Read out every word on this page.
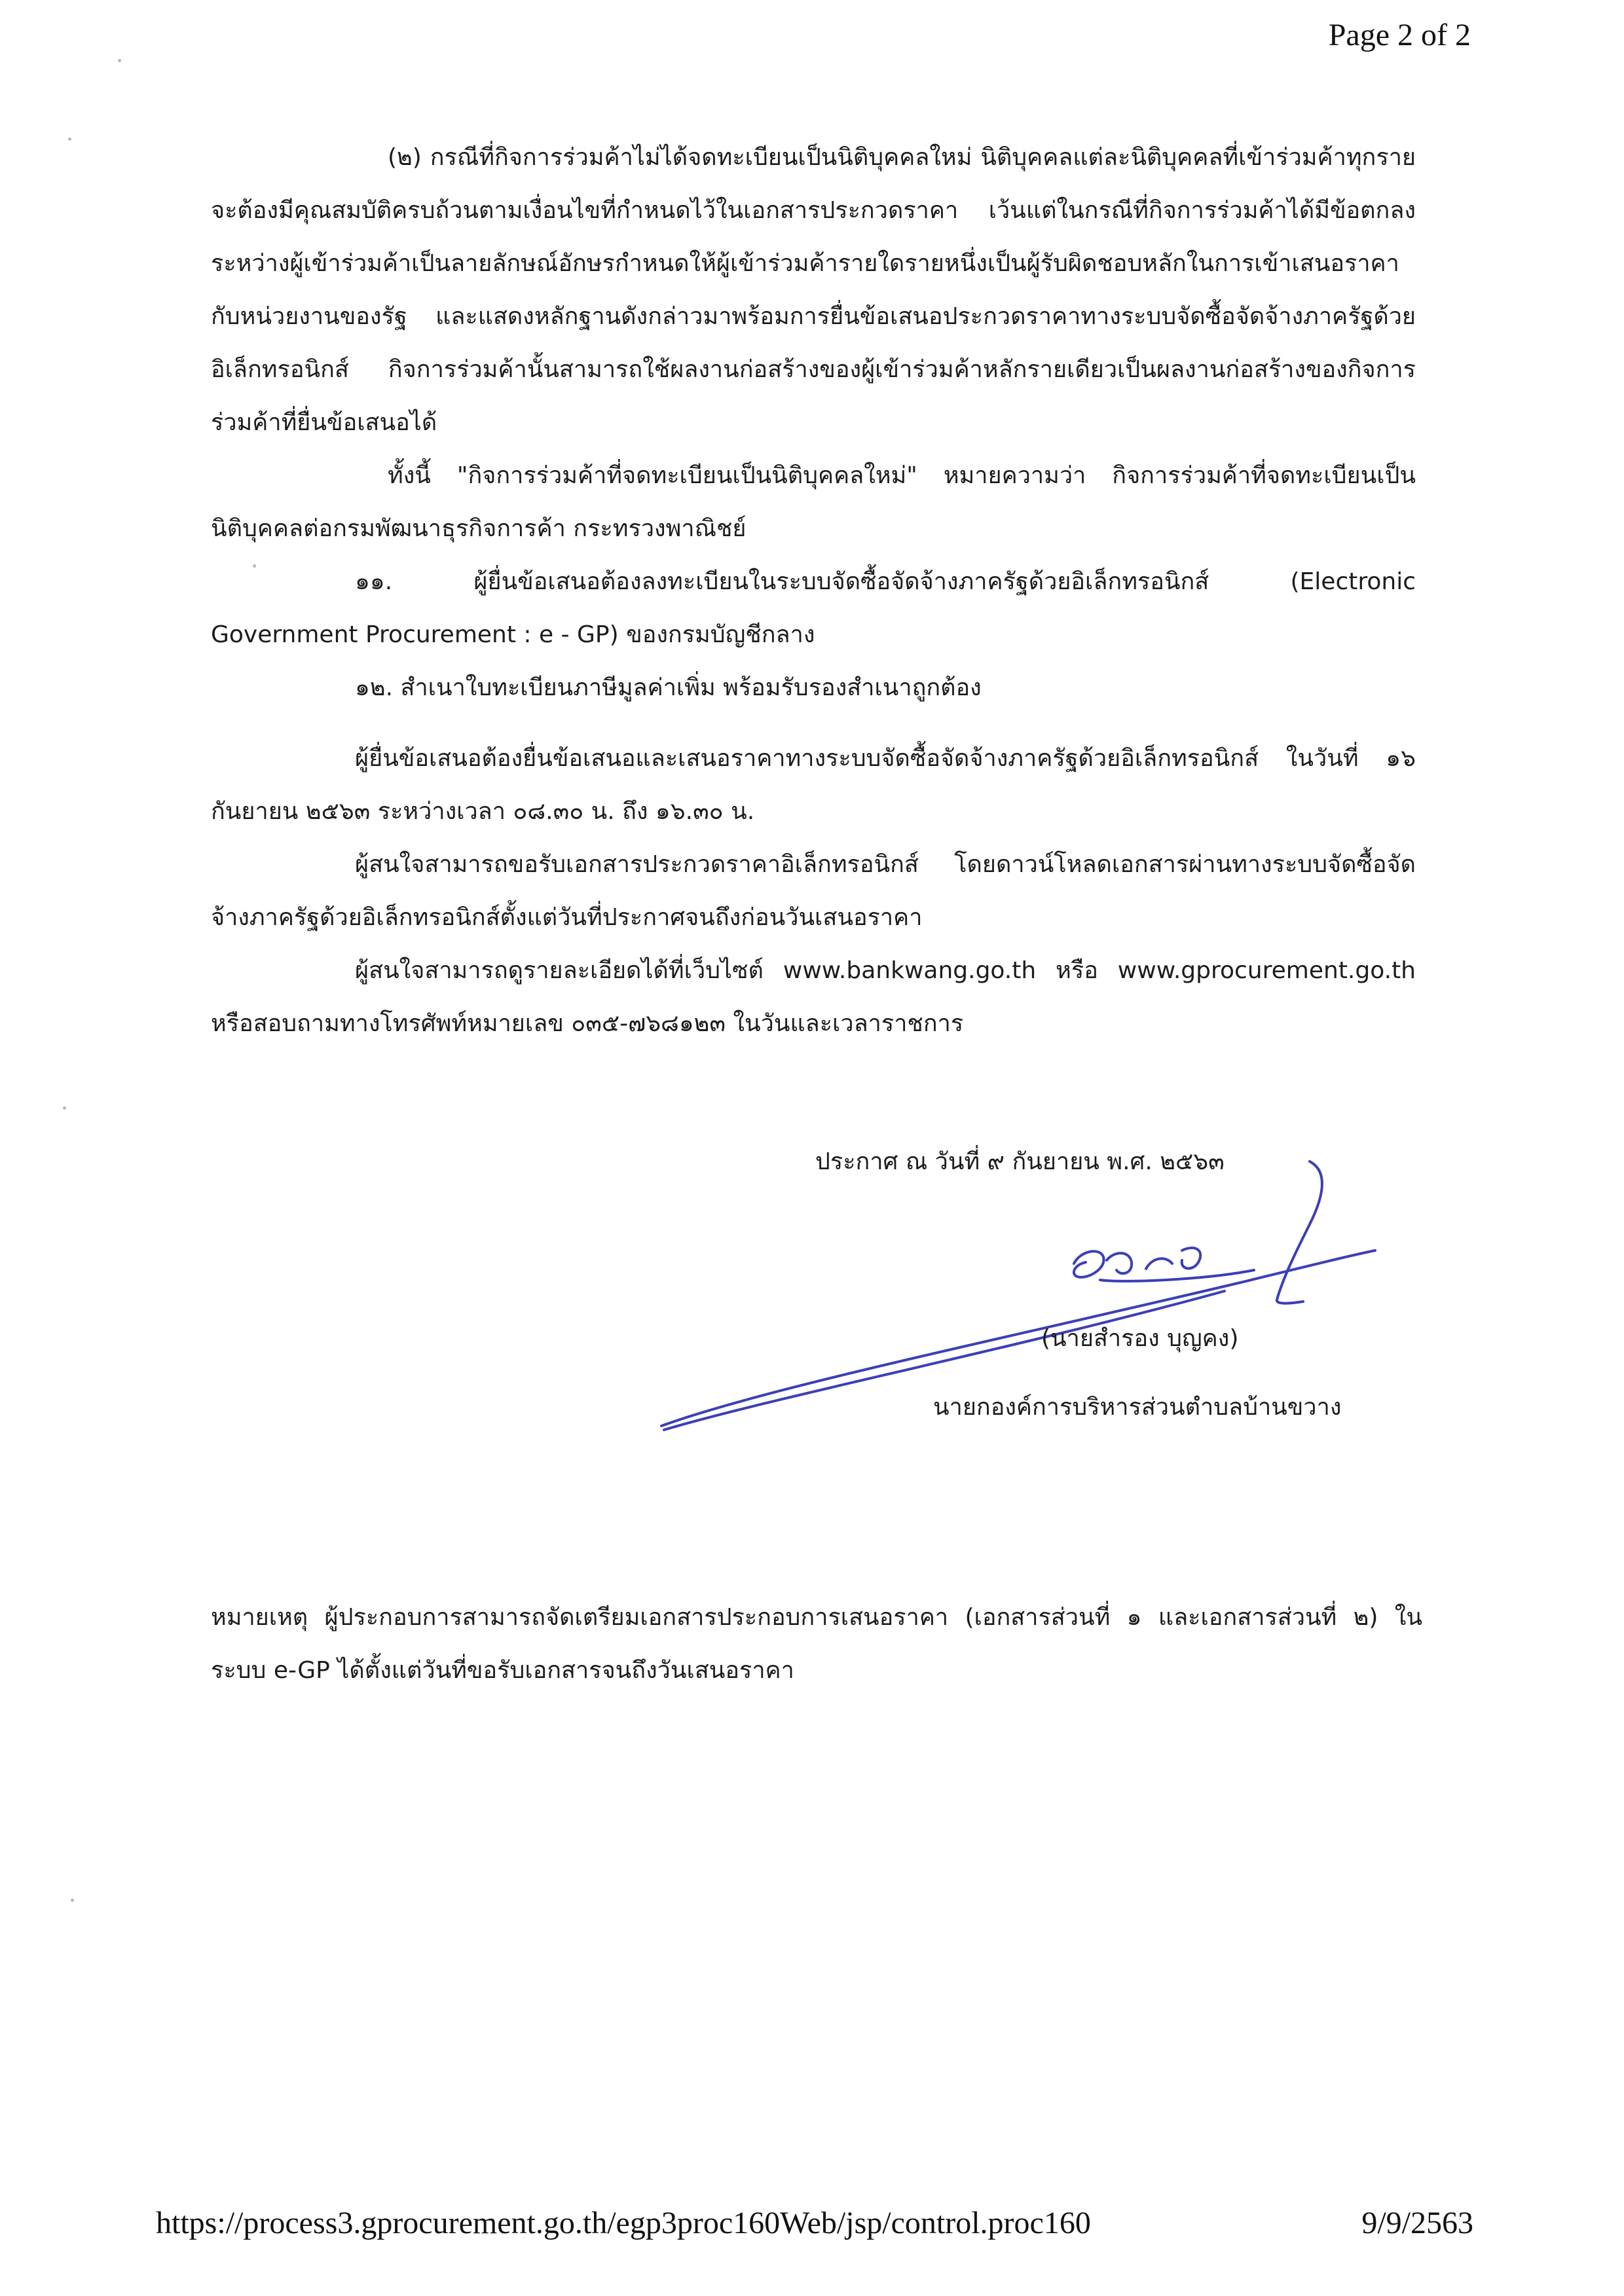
Page 2 of 2

(๒) กรณีที่กิจการร่วมค้าไม่ได้จดทะเบียนเป็นนิติบุคคลใหม่ นิติบุคคลแต่ละนิติบุคคลที่เข้าร่วมค้าทุกรายจะต้องมีคุณสมบัติครบถ้วนตามเงื่อนไขที่กำหนดไว้ในเอกสารประกวดราคา เว้นแต่ในกรณีที่กิจการร่วมค้าได้มีข้อตกลงระหว่างผู้เข้าร่วมค้าเป็นลายลักษณ์อักษรกำหนดให้ผู้เข้าร่วมค้ารายใดรายหนึ่งเป็นผู้รับผิดชอบหลักในการเข้าเสนอราคากับหน่วยงานของรัฐ และแสดงหลักฐานดังกล่าวมาพร้อมการยื่นข้อเสนอประกวดราคาทางระบบจัดซื้อจัดจ้างภาครัฐด้วยอิเล็กทรอนิกส์ กิจการร่วมค้านั้นสามารถใช้ผลงานก่อสร้างของผู้เข้าร่วมค้าหลักรายเดียวเป็นผลงานก่อสร้างของกิจการร่วมค้าที่ยื่นข้อเสนอได้

ทั้งนี้ "กิจการร่วมค้าที่จดทะเบียนเป็นนิติบุคคลใหม่" หมายความว่า กิจการร่วมค้าที่จดทะเบียนเป็นนิติบุคคลต่อกรมพัฒนาธุรกิจการค้า กระทรวงพาณิชย์

๑๑. ผู้ยื่นข้อเสนอต้องลงทะเบียนในระบบจัดซื้อจัดจ้างภาครัฐด้วยอิเล็กทรอนิกส์ (Electronic Government Procurement : e - GP) ของกรมบัญชีกลาง

๑๒. สำเนาใบทะเบียนภาษีมูลค่าเพิ่ม พร้อมรับรองสำเนาถูกต้อง

ผู้ยื่นข้อเสนอต้องยื่นข้อเสนอและเสนอราคาทางระบบจัดซื้อจัดจ้างภาครัฐด้วยอิเล็กทรอนิกส์ ในวันที่ ๑๖ กันยายน ๒๕๖๓ ระหว่างเวลา ๐๘.๓๐ น. ถึง ๑๖.๓๐ น.

ผู้สนใจสามารถขอรับเอกสารประกวดราคาอิเล็กทรอนิกส์ โดยดาวน์โหลดเอกสารผ่านทางระบบจัดซื้อจัดจ้างภาครัฐด้วยอิเล็กทรอนิกส์ตั้งแต่วันที่ประกาศจนถึงก่อนวันเสนอราคา

ผู้สนใจสามารถดูรายละเอียดได้ที่เว็บไซต์ www.bankwang.go.th หรือ www.gprocurement.go.th หรือสอบถามทางโทรศัพท์หมายเลข ๐๓๕-๗๖๘๑๒๓ ในวันและเวลาราชการ

ประกาศ ณ วันที่ ๙ กันยายน พ.ศ. ๒๕๖๓
(นายสำรอง บุญคง)
นายกองค์การบริหารส่วนตำบลบ้านขวาง

หมายเหตุ ผู้ประกอบการสามารถจัดเตรียมเอกสารประกอบการเสนอราคา (เอกสารส่วนที่ ๑ และเอกสารส่วนที่ ๒) ในระบบ e-GP ได้ตั้งแต่วันที่ขอรับเอกสารจนถึงวันเสนอราคา

https://process3.gprocurement.go.th/egp3proc160Web/jsp/control.proc160	9/9/2563
